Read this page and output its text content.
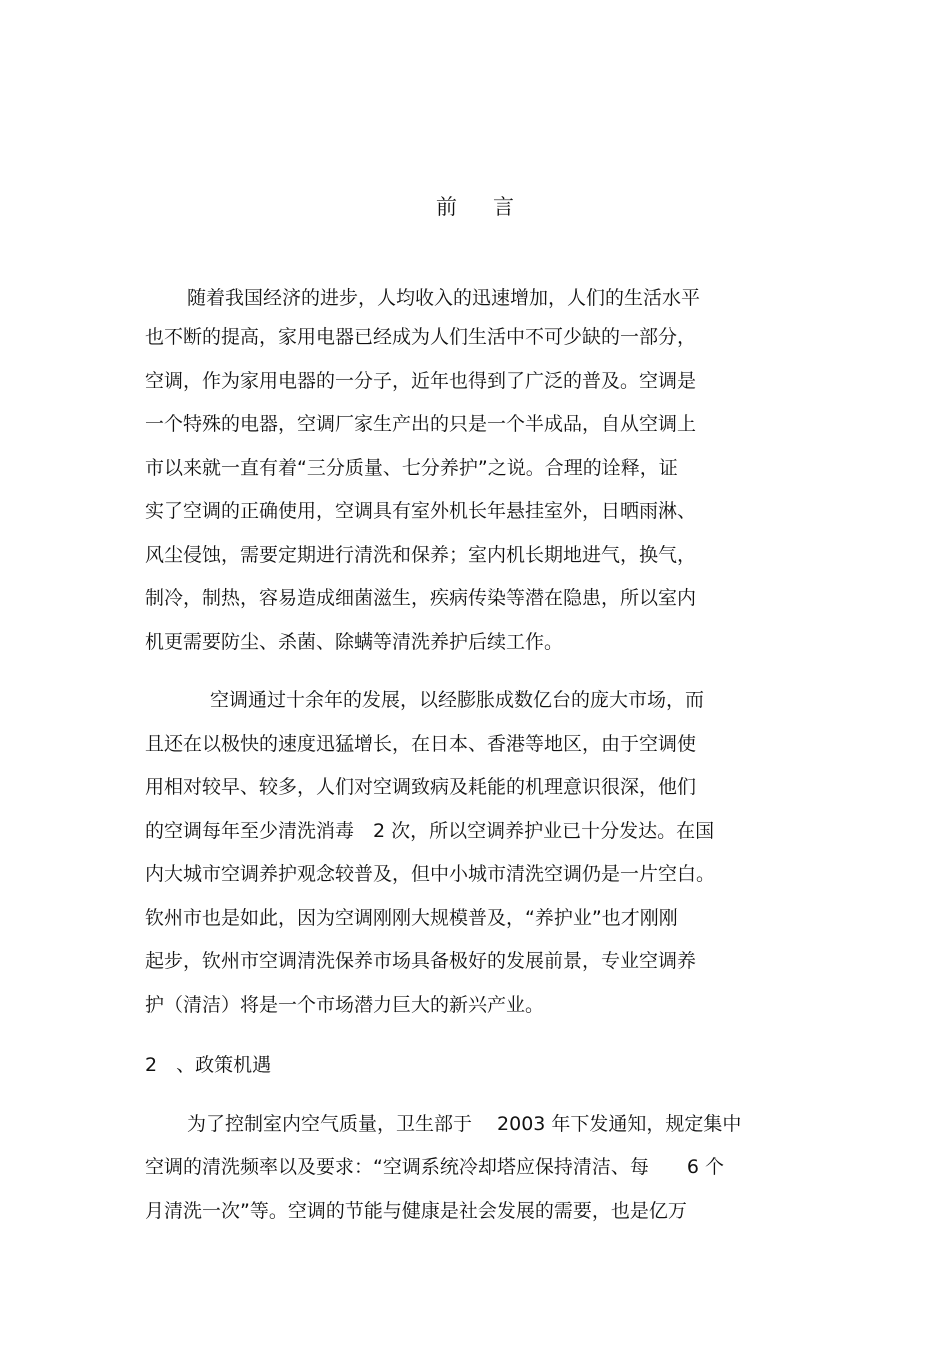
前言
随着我国经济的进步，人均收入的迅速增加，人们的生活水平
也不断的提高，家用电器已经成为人们生活中不可少缺的一部分，
空调，作为家用电器的一分子，近年也得到了广泛的普及。空调是
一个特殊的电器，空调厂家生产出的只是一个半成品，自从空调上
市以来就一直有着“三分质量、七分养护”之说。合理的诠释，证
实了空调的正确使用，空调具有室外机长年悬挂室外，日晒雨淋、
风尘侵蚀，需要定期进行清洗和保养；室内机长期地进气，换气，
制冷，制热，容易造成细菌滋生，疾病传染等潜在隐患，所以室内
机更需要防尘、杀菌、除螨等清洗养护后续工作。
空调通过十余年的发展，以经膨胀成数亿台的庞大市场，而
且还在以极快的速度迅猛增长，在日本、香港等地区，由于空调使
用相对较早、较多，人们对空调致病及耗能的机理意识很深，他们
的空调每年至少清洗消毒　2 次，所以空调养护业已十分发达。在国
内大城市空调养护观念较普及，但中小城市清洗空调仍是一片空白。
钦州市也是如此，因为空调刚刚大规模普及，“养护业”也才刚刚
起步，钦州市空调清洗保养市场具备极好的发展前景，专业空调养
护（清洁）将是一个市场潜力巨大的新兴产业。
2　、政策机遇
为了控制室内空气质量，卫生部于　 2003 年下发通知，规定集中
空调的清洗频率以及要求：“空调系统冷却塔应保持清洁、每　　6 个
月清洗一次”等。空调的节能与健康是社会发展的需要，也是亿万
